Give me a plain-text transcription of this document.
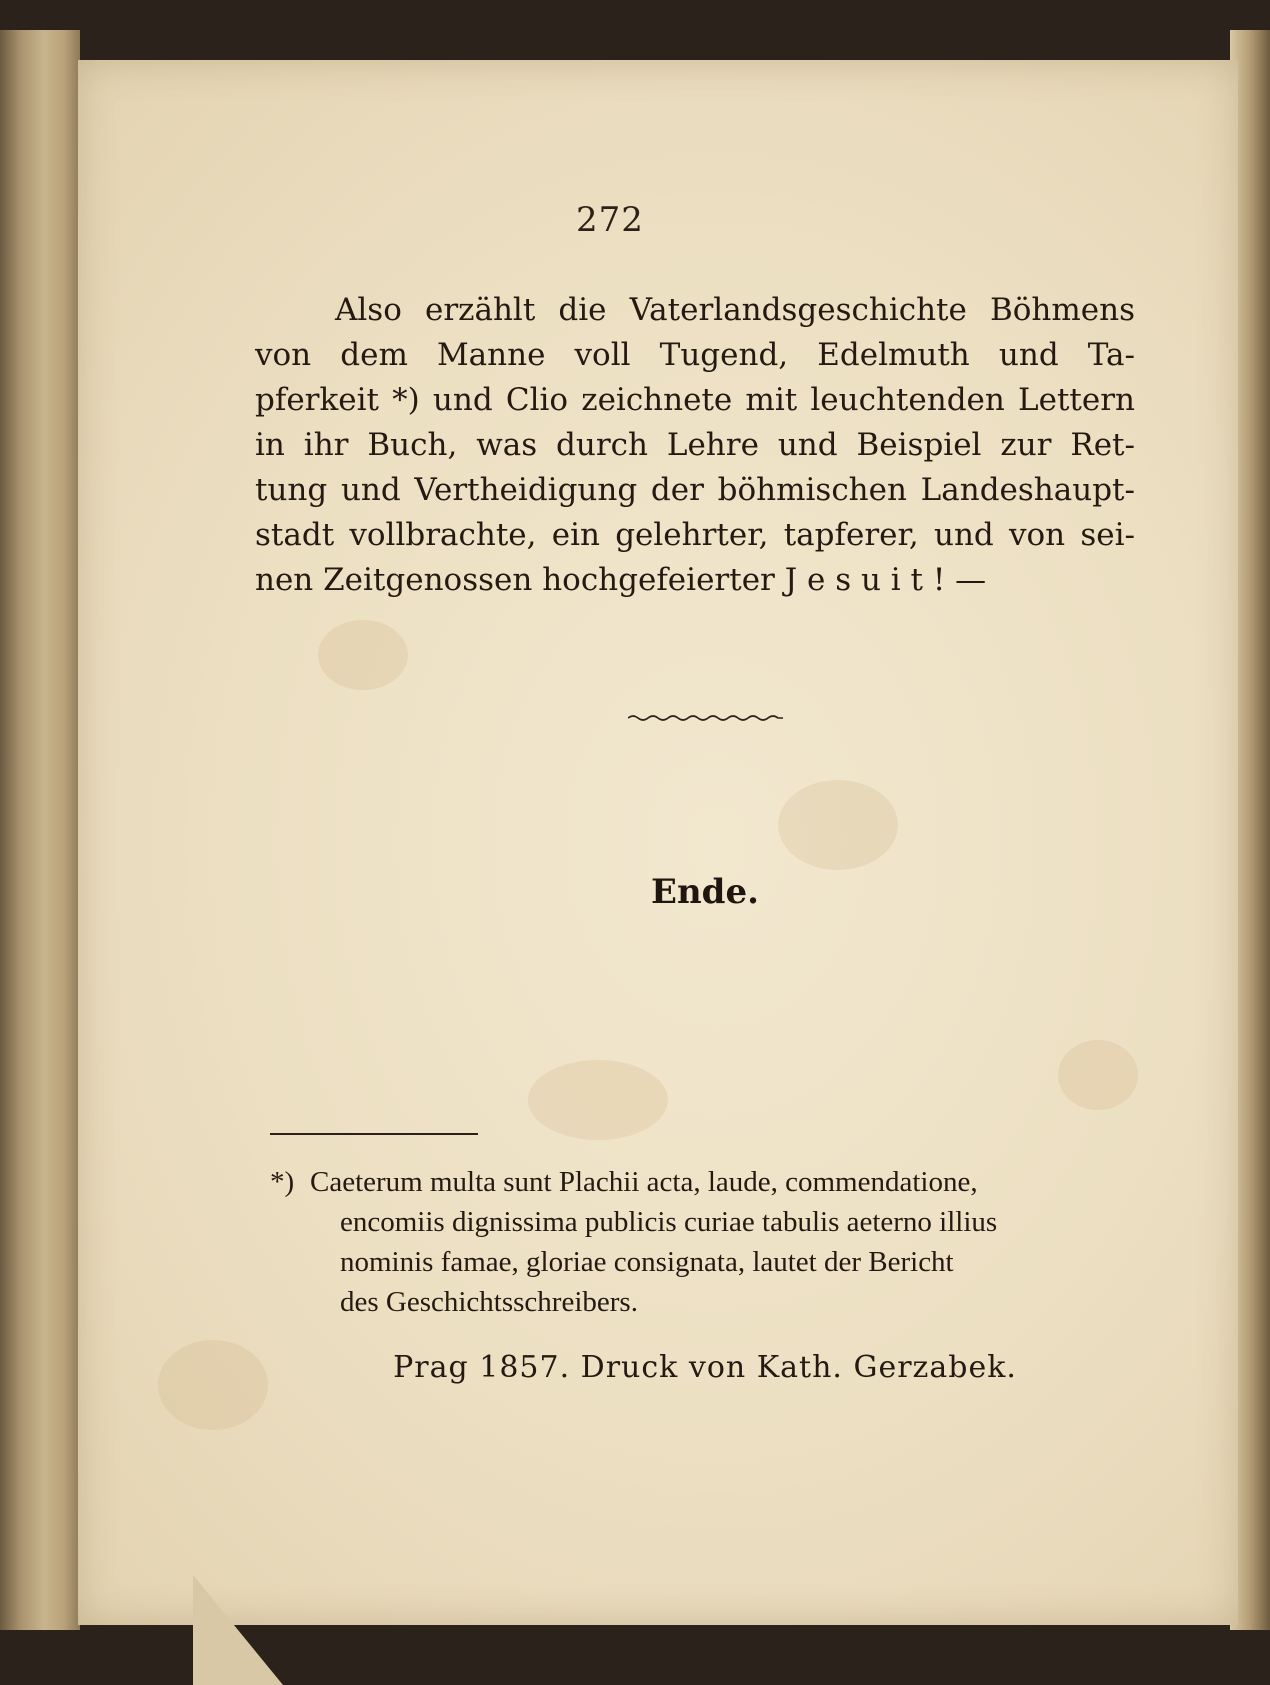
272
Also erzählt die Vaterlandsgeschichte Böhmens
von dem Manne voll Tugend, Edelmuth und Ta-
pferkeit *) und Clio zeichnete mit leuchtenden Lettern
in ihr Buch, was durch Lehre und Beispiel zur Ret-
tung und Vertheidigung der böhmischen Landeshaupt-
stadt vollbrachte, ein gelehrter, tapferer, und von sei-
nen Zeitgenossen hochgefeierter J e s u i t ! —
Ende.
*) Caeterum multa sunt Plachii acta, laude, commendatione,
encomiis dignissima publicis curiae tabulis aeterno illius
nominis famae, gloriae consignata, lautet der Bericht
des Geschichtsschreibers.
Prag 1857. Druck von Kath. Gerzabek.
